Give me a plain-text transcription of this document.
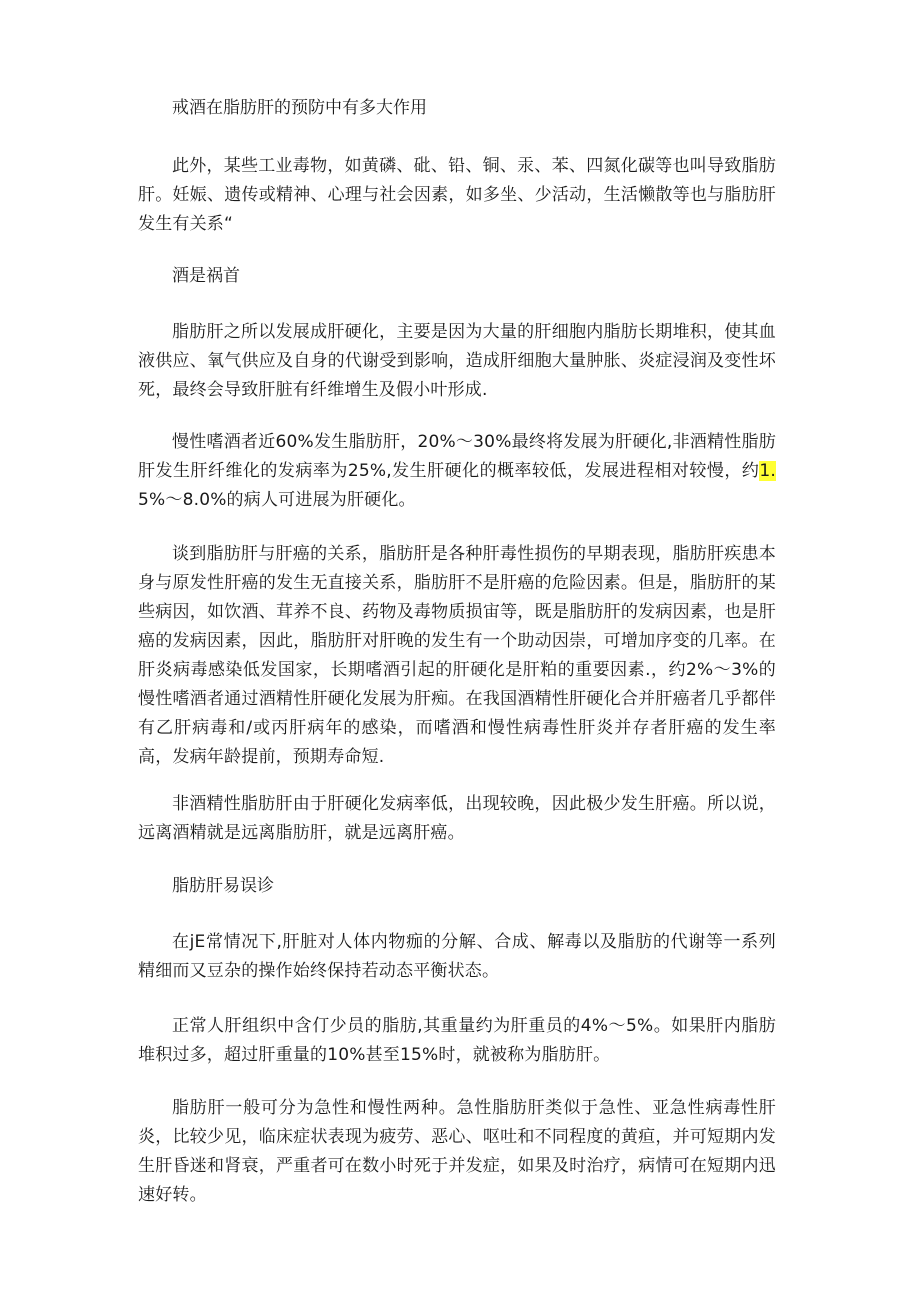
戒酒在脂肪肝的预防中有多大作用

此外，某些工业毒物，如黄磷、砒、铅、铜、汞、苯、四氮化碳等也叫导致脂肪肝。妊娠、遗传或精神、心理与社会因素，如多坐、少活动，生活懒散等也与脂肪肝发生有关系“

酒是祸首

脂肪肝之所以发展成肝硬化，主要是因为大量的肝细胞内脂肪长期堆积，使其血液供应、氧气供应及自身的代谢受到影响，造成肝细胞大量肿胀、炎症浸润及变性坏死，最终会导致肝脏有纤维增生及假小叶形成.

慢性嗜酒者近60%发生脂肪肝，20%～30%最终将发展为肝硬化,非酒精性脂肪肝发生肝纤维化的发病率为25%,发生肝硬化的概率较低，发展进程相对较慢，约1.5%～8.0%的病人可进展为肝硬化。

谈到脂肪肝与肝癌的关系，脂肪肝是各种肝毒性损伤的早期表现，脂肪肝疾患本身与原发性肝癌的发生无直接关系，脂肪肝不是肝癌的危险因素。但是，脂肪肝的某些病因，如饮酒、茸养不良、药物及毒物质损宙等，既是脂肪肝的发病因素，也是肝癌的发病因素，因此，脂肪肝对肝晚的发生有一个助动因崇，可增加序变的几率。在肝炎病毒感染低发国家，长期嗜酒引起的肝硬化是肝粕的重要因素.，约2%～3%的慢性嗜酒者通过酒精性肝硬化发展为肝痴。在我国酒精性肝硬化合并肝癌者几乎都伴有乙肝病毒和/或丙肝病年的感染，而嗜酒和慢性病毒性肝炎并存者肝癌的发生率高，发病年龄提前，预期寿命短.

非酒精性脂肪肝由于肝硬化发病率低，出现较晚，因此极少发生肝癌。所以说，远离酒精就是远离脂肪肝，就是远离肝癌。

脂肪肝易误诊

在jE常情况下,肝脏对人体内物痂的分解、合成、解毒以及脂肪的代谢等一系列精细而又豆杂的操作始终保持若动态平衡状态。

正常人肝组织中含仃少员的脂肪,其重量约为肝重员的4%～5%。如果肝内脂肪堆积过多，超过肝重量的10%甚至15%时，就被称为脂肪肝。

脂肪肝一般可分为急性和慢性两种。急性脂肪肝类似于急性、亚急性病毒性肝炎，比较少见，临床症状表现为疲劳、恶心、呕吐和不同程度的黄疸，并可短期内发生肝昏迷和肾衰，严重者可在数小时死于并发症，如果及时治疗，病情可在短期内迅速好转。
